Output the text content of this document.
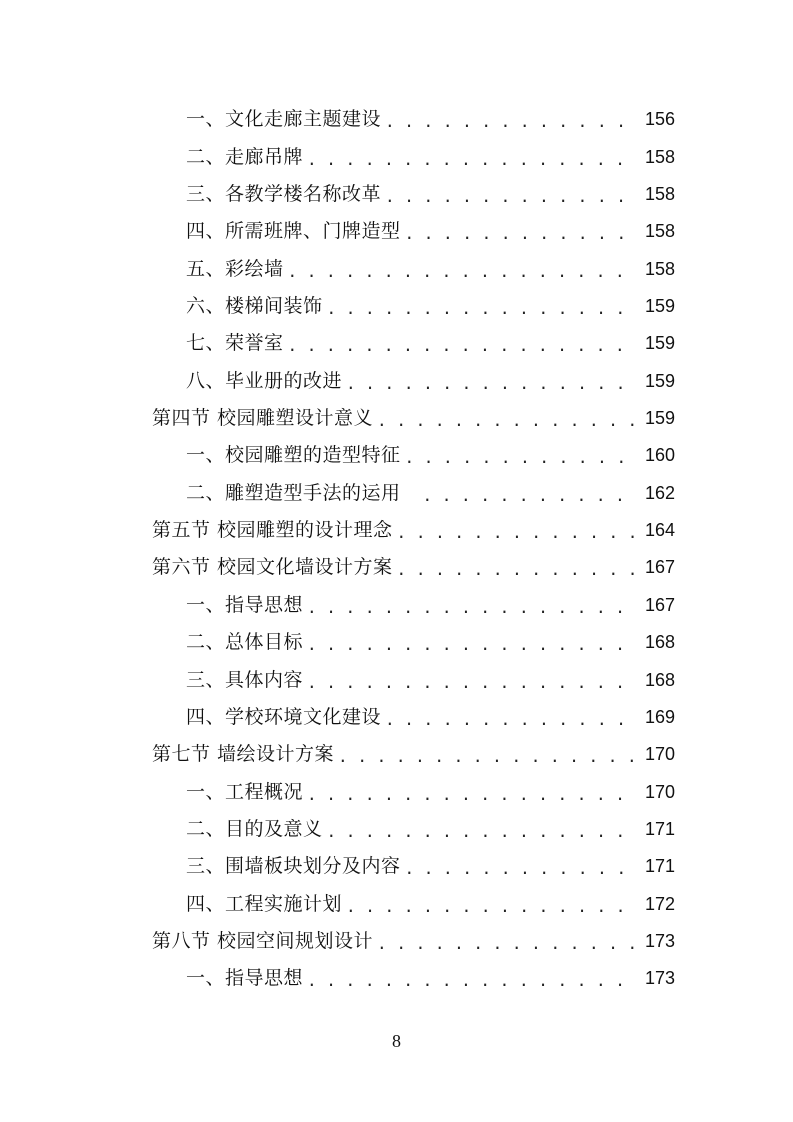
一、文化走廊主题建设 . . .	156
二、走廊吊牌 . . .	158
三、各教学楼名称改革 . . .	158
四、所需班牌、门牌造型 . . .	158
五、彩绘墙 . . .	158
六、楼梯间装饰 . . .	159
七、荣誉室 . . .	159
八、毕业册的改进 . . .	159
第四节 校园雕塑设计意义 . . .	159
一、校园雕塑的造型特征 . . .	160
二、雕塑造型手法的运用 . . .	162
第五节 校园雕塑的设计理念 . . .	164
第六节 校园文化墙设计方案 . . .	167
一、指导思想 . . .	167
二、总体目标 . . .	168
三、具体内容 . . .	168
四、学校环境文化建设 . . .	169
第七节 墙绘设计方案 . . .	170
一、工程概况 . . .	170
二、目的及意义 . . .	171
三、围墙板块划分及内容 . . .	171
四、工程实施计划 . . .	172
第八节 校园空间规划设计 . . .	173
一、指导思想 . . .	173
8
